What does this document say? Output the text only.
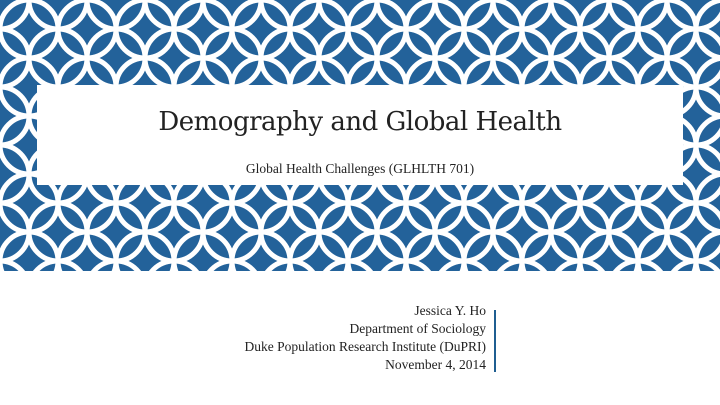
Demography and Global Health
Global Health Challenges (GLHLTH 701)
Jessica Y. Ho
Department of Sociology
Duke Population Research Institute (DuPRI)
November 4, 2014
